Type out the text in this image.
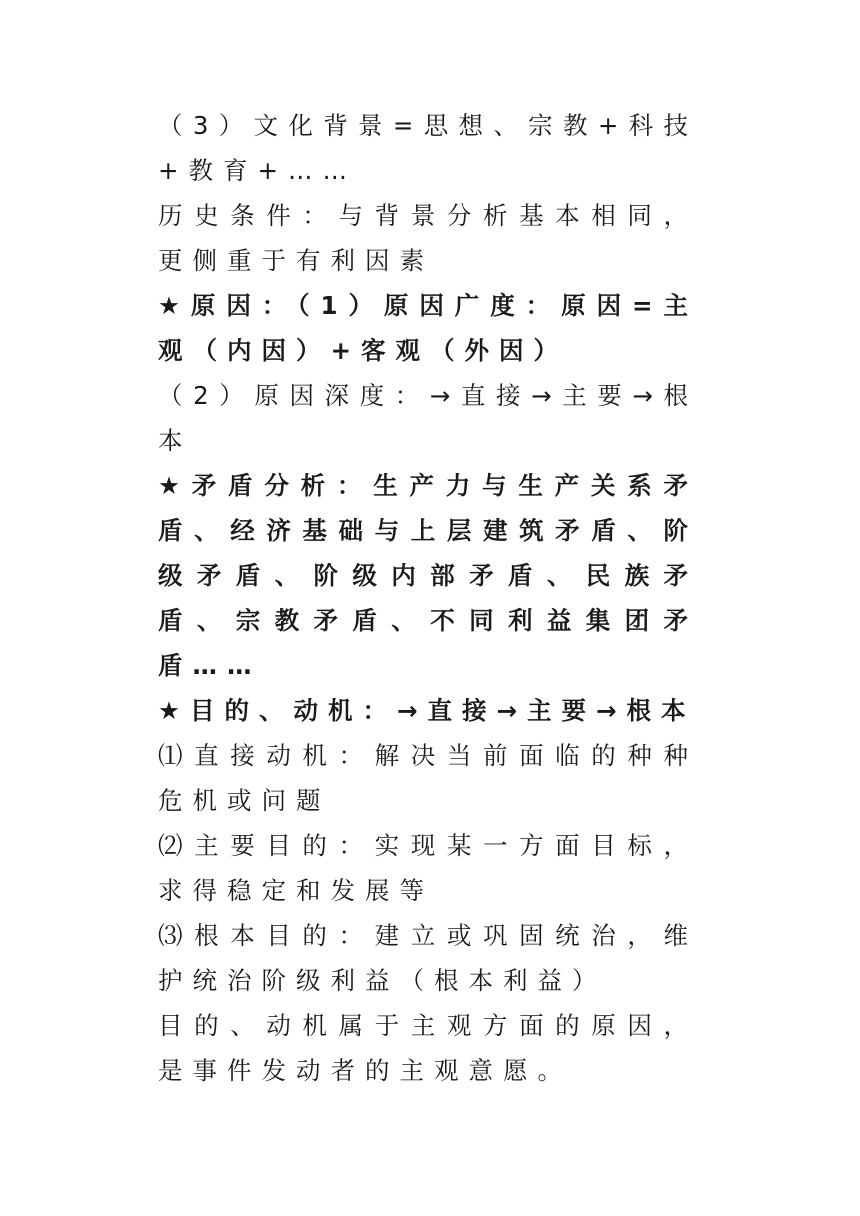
（3）文化背景=思想、宗教+科技+教育+……

历史条件：与背景分析基本相同，更侧重于有利因素

★原因：（1）原因广度：原因=主观（内因）+客观（外因）

（2）原因深度：→直接→主要→根本

★矛盾分析：生产力与生产关系矛盾、经济基础与上层建筑矛盾、阶级矛盾、阶级内部矛盾、民族矛盾、宗教矛盾、不同利益集团矛盾……

★目的、动机：→直接→主要→根本

⑴直接动机：解决当前面临的种种危机或问题

⑵主要目的：实现某一方面目标，求得稳定和发展等

⑶根本目的：建立或巩固统治，维护统治阶级利益（根本利益）

目的、动机属于主观方面的原因，是事件发动者的主观意愿。
